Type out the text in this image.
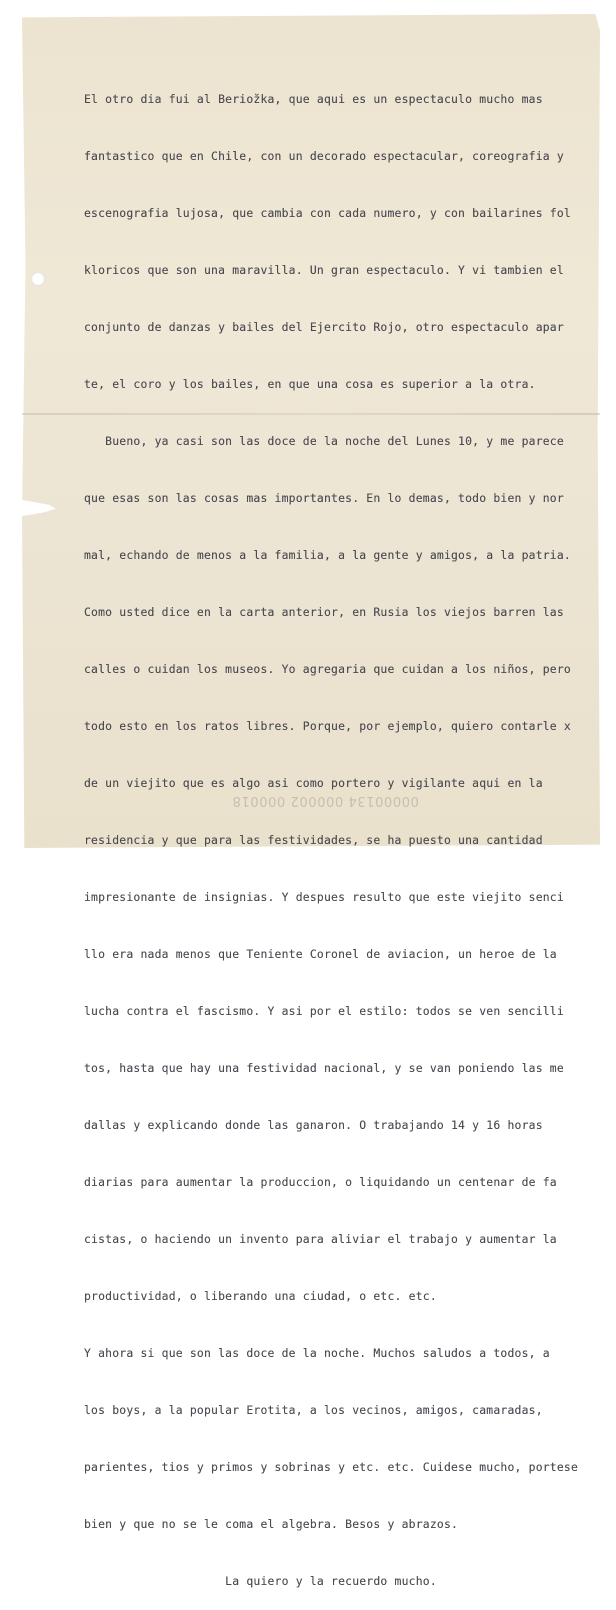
El otro dia fui al Berioz̆ka, que aqui es un espectaculo mucho mas

fantastico que en Chile, con un decorado espectacular, coreografia y

escenografia lujosa, que cambia con cada numero, y con bailarines fol

kloricos que son una maravilla. Un gran espectaculo. Y vi tambien el

conjunto de danzas y bailes del Ejercito Rojo, otro espectaculo apar

te, el coro y los bailes, en que una cosa es superior a la otra.

Bueno, ya casi son las doce de la noche del Lunes 10, y me parece

que esas son las cosas mas importantes. En lo demas, todo bien y nor

mal, echando de menos a la familia, a la gente y amigos, a la patria.

Como usted dice en la carta anterior, en Rusia los viejos barren las

calles o cuidan los museos. Yo agregaria que cuidan a los niños, pero

todo esto en los ratos libres. Porque, por ejemplo, quiero contarle x

de un viejito que es algo asi como portero y vigilante aqui en la

residencia y que para las festividades, se ha puesto una cantidad

impresionante de insignias. Y despues resulto que este viejito senci

llo era nada menos que Teniente Coronel de aviacion, un heroe de la

lucha contra el fascismo. Y asi por el estilo: todos se ven sencilli

tos, hasta que hay una festividad nacional, y se van poniendo las me

dallas y explicando donde las ganaron. O trabajando 14 y 16 horas

diarias para aumentar la produccion, o liquidando un centenar de fa

cistas, o haciendo un invento para aliviar el trabajo y aumentar la

productividad, o liberando una ciudad, o etc. etc.

Y ahora si que son las doce de la noche. Muchos saludos a todos, a

los boys, a la popular Erotita, a los vecinos, amigos, camaradas,

parientes, tios y primos y sobrinas y etc. etc. Cuidese mucho, portese

bien y que no se le coma el algebra. Besos y abrazos.

La quiero y la recuerdo mucho.

00000134 000002 000018
